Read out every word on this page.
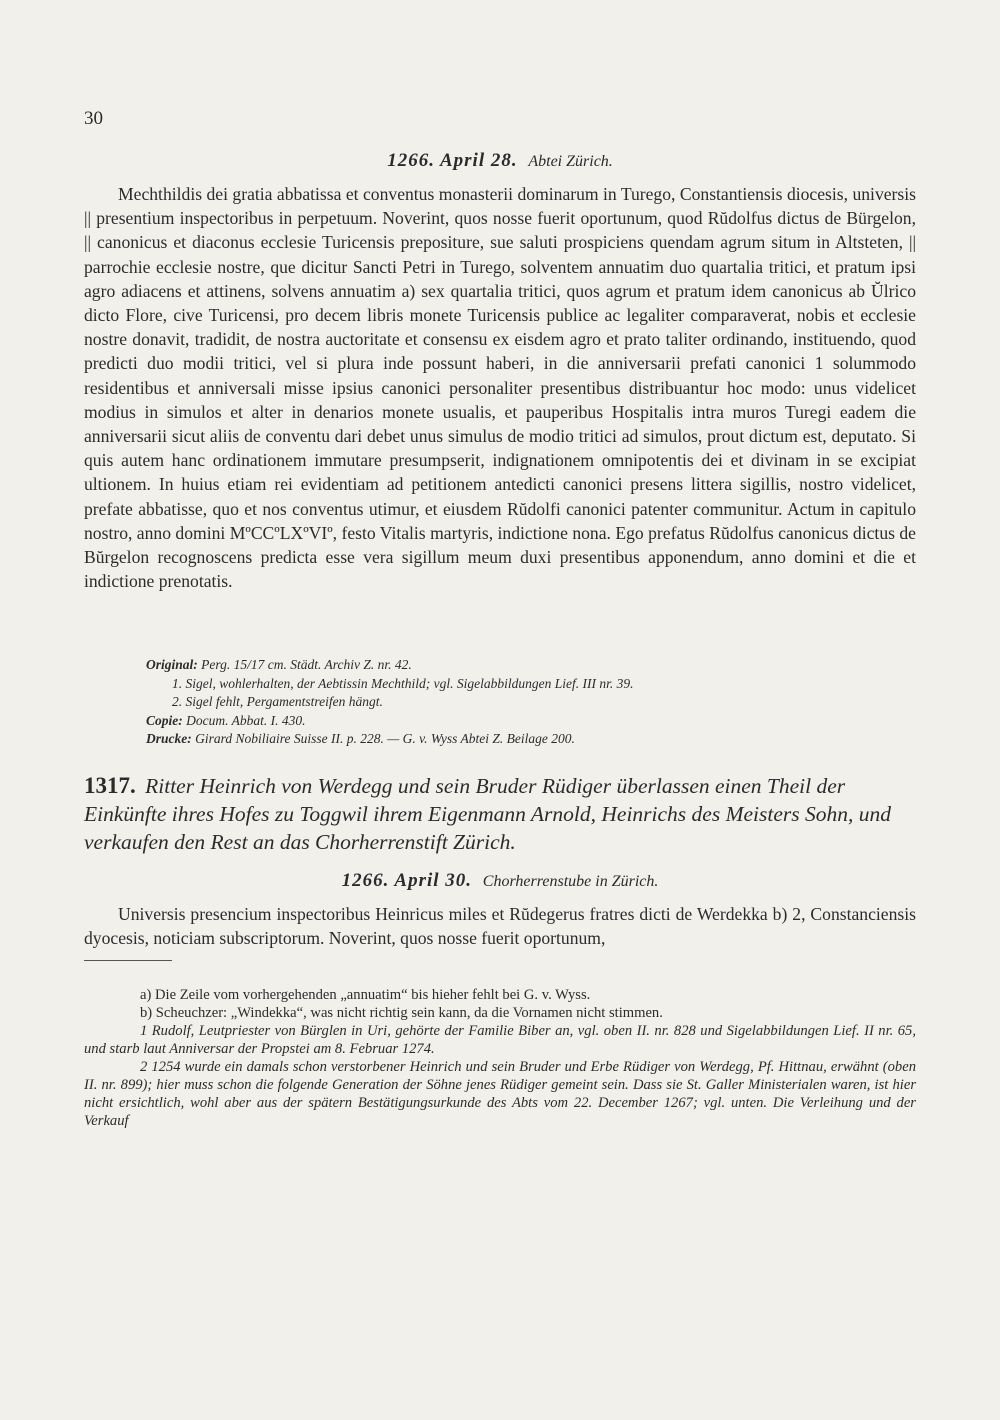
30
1266. April 28. Abtei Zürich.

Mechthildis dei gratia abbatissa et conventus monasterii dominarum in Turego, Constantiensis diocesis, universis || presentium inspectoribus in perpetuum. Noverint, quos nosse fuerit oportunum, quod Rŭdolfus dictus de Bürgelon, || canonicus et diaconus ecclesie Turicensis prepositure, sue saluti prospiciens quendam agrum situm in Altsteten, || parrochie ecclesie nostre, que dicitur Sancti Petri in Turego, solventem annuatim duo quartalia tritici, et pratum ipsi agro adiacens et attinens, solvens annuatim a) sex quartalia tritici, quos agrum et pratum idem canonicus ab Ŭlrico dicto Flore, cive Turicensi, pro decem libris monete Turicensis publice ac legaliter comparaverat, nobis et ecclesie nostre donavit, tradidit, de nostra auctoritate et consensu ex eisdem agro et prato taliter ordinando, instituendo, quod predicti duo modii tritici, vel si plura inde possunt haberi, in die anniversarii prefati canonici 1 solummodo residentibus et anniversali misse ipsius canonici personaliter presentibus distribuantur hoc modo: unus videlicet modius in simulos et alter in denarios monete usualis, et pauperibus Hospitalis intra muros Turegi eadem die anniversarii sicut aliis de conventu dari debet unus simulus de modio tritici ad simulos, prout dictum est, deputato. Si quis autem hanc ordinationem immutare presumpserit, indignationem omnipotentis dei et divinam in se excipiat ultionem. In huius etiam rei evidentiam ad petitionem antedicti canonici presens littera sigillis, nostro videlicet, prefate abbatisse, quo et nos conventus utimur, et eiusdem Rŭdolfi canonici patenter communitur. Actum in capitulo nostro, anno domini MºCCºLXºVIº, festo Vitalis martyris, indictione nona. Ego prefatus Rŭdolfus canonicus dictus de Bŭrgelon recognoscens predicta esse vera sigillum meum duxi presentibus apponendum, anno domini et die et indictione prenotatis.

Original: Perg. 15/17 cm. Städt. Archiv Z. nr. 42.
1. Sigel, wohlerhalten, der Aebtissin Mechthild; vgl. Sigelabbildungen Lief. III nr. 39.
2. Sigel fehlt, Pergamentstreifen hängt.
Copie: Docum. Abbat. I. 430.
Drucke: Girard Nobiliaire Suisse II. p. 228. — G. v. Wyss Abtei Z. Beilage 200.
1317. Ritter Heinrich von Werdegg und sein Bruder Rüdiger überlassen einen Theil der Einkünfte ihres Hofes zu Toggwil ihrem Eigenmann Arnold, Heinrichs des Meisters Sohn, und verkaufen den Rest an das Chorherrenstift Zürich.
1266. April 30. Chorherrenstube in Zürich.

Universis presencium inspectoribus Heinricus miles et Rŭdegerus fratres dicti de Werdekka b) 2, Constanciensis dyocesis, noticiam subscriptorum. Noverint, quos nosse fuerit oportunum,

a) Die Zeile vom vorhergehenden „annuatim“ bis hieher fehlt bei G. v. Wyss.

b) Scheuchzer: „Windekka“, was nicht richtig sein kann, da die Vornamen nicht stimmen.

1 Rudolf, Leutpriester von Bürglen in Uri, gehörte der Familie Biber an, vgl. oben II. nr. 828 und Sigelabbildungen Lief. II nr. 65, und starb laut Anniversar der Propstei am 8. Februar 1274.

2 1254 wurde ein damals schon verstorbener Heinrich und sein Bruder und Erbe Rüdiger von Werdegg, Pf. Hittnau, erwähnt (oben II. nr. 899); hier muss schon die folgende Generation der Söhne jenes Rüdiger gemeint sein. Dass sie St. Galler Ministerialen waren, ist hier nicht ersichtlich, wohl aber aus der spätern Bestätigungsurkunde des Abts vom 22. December 1267; vgl. unten. Die Verleihung und der Verkauf
